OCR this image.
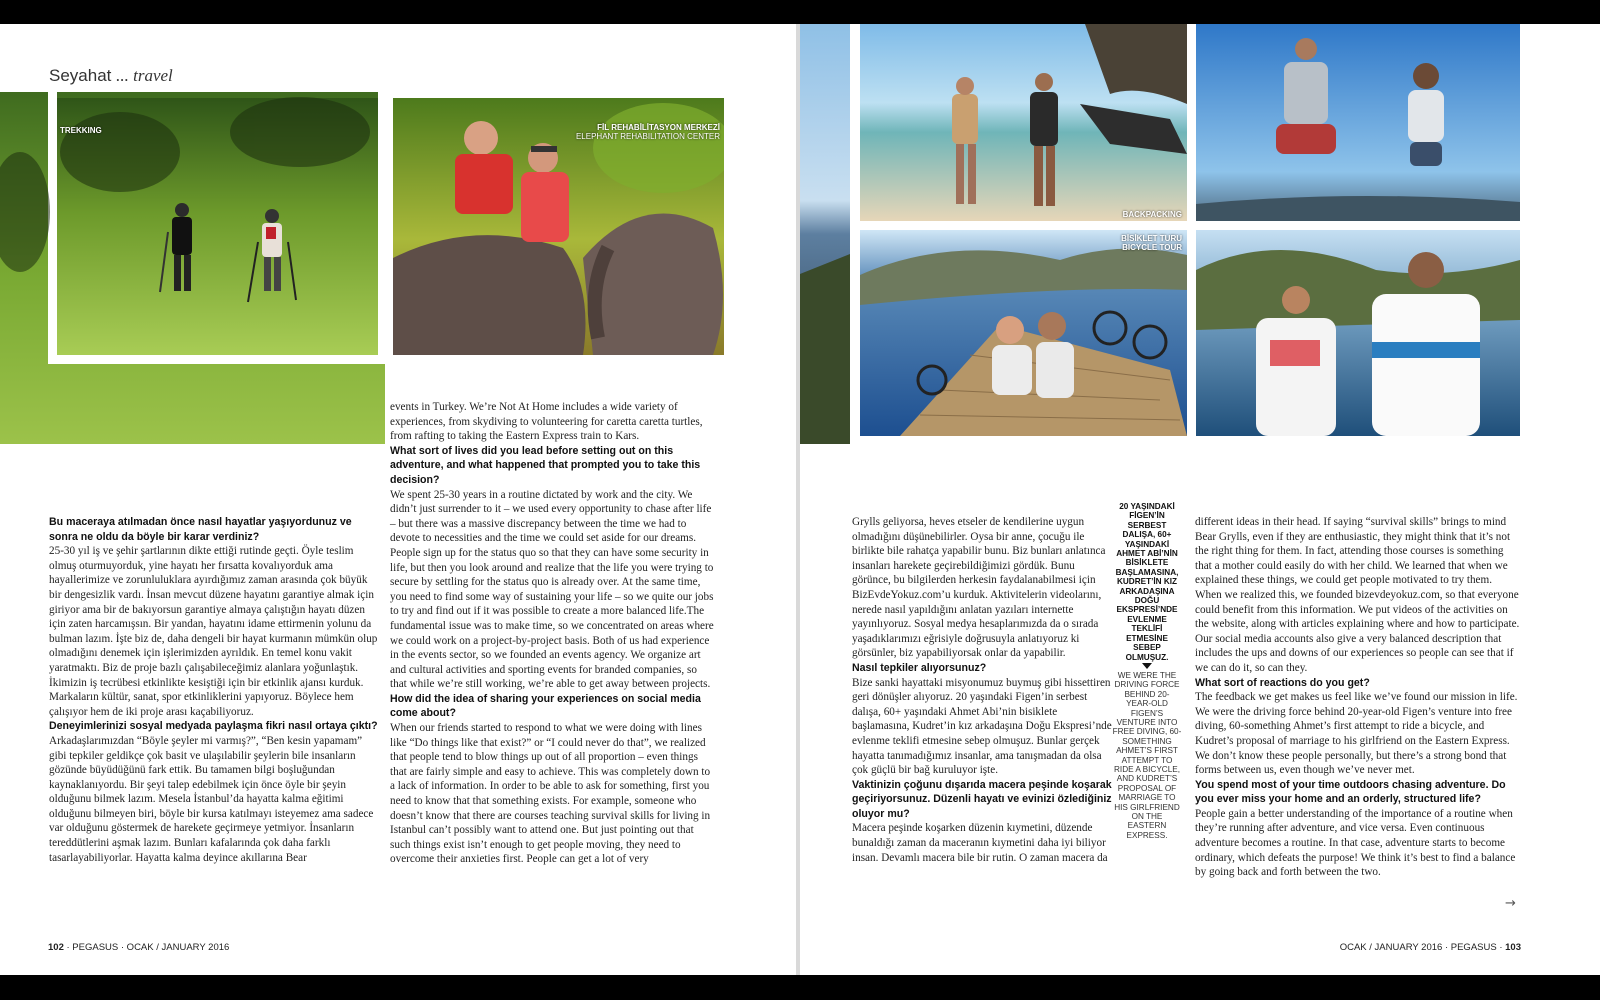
Seyahat ... travel
TREKKING	FİL REHABİLİTASYON MERKEZİ
ELEPHANT REHABILITATION CENTER

Bu maceraya atılmadan önce nasıl hayatlar yaşıyordunuz ve sonra ne oldu da böyle bir karar verdiniz?

25-30 yıl iş ve şehir şartlarının dikte ettiği rutinde geçti. Öyle teslim olmuş oturmuyorduk, yine hayatı her fırsatta kovalıyorduk ama hayallerimize ve zorunluluklara ayırdığımız zaman arasında çok büyük bir dengesizlik vardı. İnsan mevcut düzene hayatını garantiye almak için giriyor ama bir de bakıyorsun garantiye almaya çalıştığın hayatı düzen için zaten harcamışsın. Bir yandan, hayatını idame ettirmenin yolunu da bulman lazım. İşte biz de, daha dengeli bir hayat kurmanın mümkün olup olmadığını denemek için işlerimizden ayrıldık. En temel konu vakit yaratmaktı. Biz de proje bazlı çalışabileceğimiz alanlara yoğunlaştık. İkimizin iş tecrübesi etkinlikte kesiştiği için bir etkinlik ajansı kurduk. Markaların kültür, sanat, spor etkinliklerini yapıyoruz. Böylece hem çalışıyor hem de iki proje arası kaçabiliyoruz.

Deneyimlerinizi sosyal medyada paylaşma fikri nasıl ortaya çıktı?

Arkadaşlarımızdan “Böyle şeyler mi varmış?”, “Ben kesin yapamam” gibi tepkiler geldikçe çok basit ve ulaşılabilir şeylerin bile insanların gözünde büyüdüğünü fark ettik. Bu tamamen bilgi boşluğundan kaynaklanıyordu. Bir şeyi talep edebilmek için önce öyle bir şeyin olduğunu bilmek lazım. Mesela İstanbul’da hayatta kalma eğitimi olduğunu bilmeyen biri, böyle bir kursa katılmayı isteyemez ama sadece var olduğunu göstermek de harekete geçirmeye yetmiyor. İnsanların tereddütlerini aşmak lazım. Bunları kafalarında çok daha farklı tasarlayabiliyorlar. Hayatta kalma deyince akıllarına Bear

events in Turkey. We’re Not At Home includes a wide variety of experiences, from skydiving to volunteering for caretta caretta turtles, from rafting to taking the Eastern Express train to Kars.

What sort of lives did you lead before setting out on this adventure, and what happened that prompted you to take this decision?

We spent 25-30 years in a routine dictated by work and the city. We didn’t just surrender to it – we used every opportunity to chase after life – but there was a massive discrepancy between the time we had to devote to necessities and the time we could set aside for our dreams. People sign up for the status quo so that they can have some security in life, but then you look around and realize that the life you were trying to secure by settling for the status quo is already over. At the same time, you need to find some way of sustaining your life – so we quite our jobs to try and find out if it was possible to create a more balanced life.The fundamental issue was to make time, so we concentrated on areas where we could work on a project-by-project basis. Both of us had experience in the events sector, so we founded an events agency. We organize art and cultural activities and sporting events for branded companies, so that while we’re still working, we’re able to get away between projects.

How did the idea of sharing your experiences on social media come about?

When our friends started to respond to what we were doing with lines like “Do things like that exist?” or “I could never do that”, we realized that people tend to blow things up out of all proportion – even things that are fairly simple and easy to achieve. This was completely down to a lack of information. In order to be able to ask for something, first you need to know that that something exists. For example, someone who doesn’t know that there are courses teaching survival skills for living in Istanbul can’t possibly want to attend one. But just pointing out that such things exist isn’t enough to get people moving, they need to overcome their anxieties first. People can get a lot of very

102 · PEGASUS · OCAK / JANUARY 2016
BACKPACKING
BİSİKLET TURU
BICYCLE TOUR

Grylls geliyorsa, heves etseler de kendilerine uygun olmadığını düşünebilirler. Oysa bir anne, çocuğu ile birlikte bile rahatça yapabilir bunu. Biz bunları anlatınca insanları harekete geçirebildiğimizi gördük. Bunu görünce, bu bilgilerden herkesin faydalanabilmesi için BizEvdeYokuz.com’u kurduk. Aktivitelerin videolarını, nerede nasıl yapıldığını anlatan yazıları internette yayınlıyoruz. Sosyal medya hesaplarımızda da o sırada yaşadıklarımızı eğrisiyle doğrusuyla anlatıyoruz ki görsünler, biz yapabiliyorsak onlar da yapabilir.

Nasıl tepkiler alıyorsunuz?

Bize sanki hayattaki misyonumuz buymuş gibi hissettiren geri dönüşler alıyoruz. 20 yaşındaki Figen’in serbest dalışa, 60+ yaşındaki Ahmet Abi’nin bisiklete başlamasına, Kudret’in kız arkadaşına Doğu Ekspresi’nde evlenme teklifi etmesine sebep olmuşuz. Bunlar gerçek hayatta tanımadığımız insanlar, ama tanışmadan da olsa çok güçlü bir bağ kuruluyor işte.

Vaktinizin çoğunu dışarıda macera peşinde koşarak geçiriyorsunuz. Düzenli hayatı ve evinizi özlediğiniz oluyor mu?

Macera peşinde koşarken düzenin kıymetini, düzende bunaldığı zaman da maceranın kıymetini daha iyi biliyor insan. Devamlı macera bile bir rutin. O zaman macera da

20 YAŞINDAKİ FİGEN’İN SERBEST DALIŞA, 60+ YAŞINDAKİ AHMET ABİ’NİN BİSİKLETE BAŞLAMASINA, KUDRET’İN KIZ ARKADAŞINA DOĞU EKSPRESİ’NDE EVLENME TEKLİFİ ETMESİNE SEBEP OLMUŞUZ.
WE WERE THE DRIVING FORCE BEHIND 20-YEAR-OLD FIGEN’S VENTURE INTO FREE DIVING, 60-SOMETHING AHMET’S FIRST ATTEMPT TO RIDE A BICYCLE, AND KUDRET’S PROPOSAL OF MARRIAGE TO HIS GIRLFRIEND ON THE EASTERN EXPRESS.

different ideas in their head. If saying “survival skills” brings to mind Bear Grylls, even if they are enthusiastic, they might think that it’s not the right thing for them. In fact, attending those courses is something that a mother could easily do with her child. We learned that when we explained these things, we could get people motivated to try them. When we realized this, we founded bizevdeyokuz.com, so that everyone could benefit from this information. We put videos of the activities on the website, along with articles explaining where and how to participate. Our social media accounts also give a very balanced description that includes the ups and downs of our experiences so people can see that if we can do it, so can they.

What sort of reactions do you get?

The feedback we get makes us feel like we’ve found our mission in life. We were the driving force behind 20-year-old Figen’s venture into free diving, 60-something Ahmet’s first attempt to ride a bicycle, and Kudret’s proposal of marriage to his girlfriend on the Eastern Express. We don’t know these people personally, but there’s a strong bond that forms between us, even though we’ve never met.

You spend most of your time outdoors chasing adventure. Do you ever miss your home and an orderly, structured life?

People gain a better understanding of the importance of a routine when they’re running after adventure, and vice versa. Even continuous adventure becomes a routine. In that case, adventure starts to become ordinary, which defeats the purpose! We think it’s best to find a balance by going back and forth between the two.

→
OCAK / JANUARY 2016 · PEGASUS · 103
